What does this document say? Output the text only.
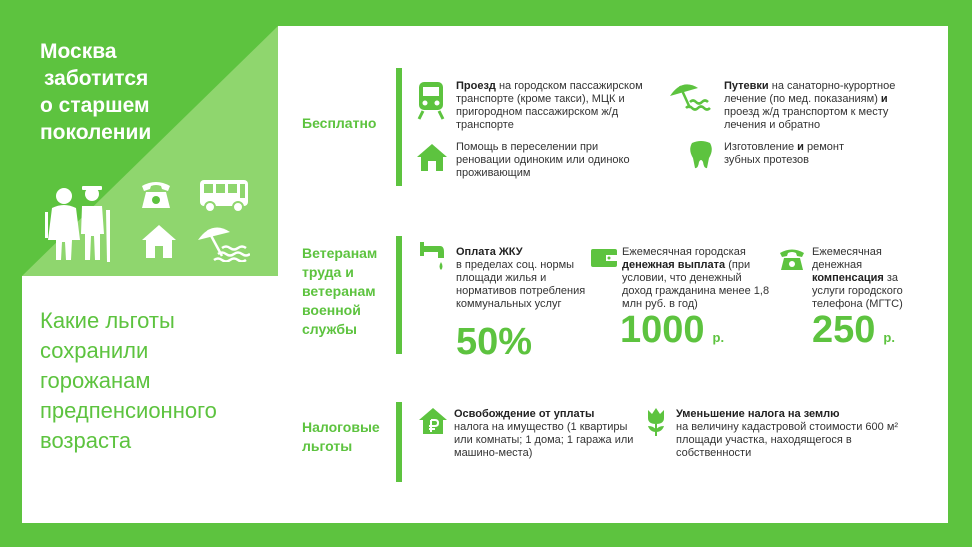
Москва
заботится
о старшем
поколении
Какие льготы
сохранили
горожанам
предпенсионного
возраста
Бесплатно
Проезд на городском пассажирском транспорте (кроме такси), МЦК и пригородном пассажирском ж/д транспорте
Путевки на санаторно-курортное лечение (по мед. показаниям) и проезд ж/д транспортом к месту лечения и обратно
Помощь в переселении при реновации одиноким или одиноко проживающим
Изготовление и ремонт зубных протезов
Ветеранам
труда и
ветеранам
военной
службы
Оплата ЖКУ
в пределах соц. нормы площади жилья и нормативов потребления коммунальных услуг
50%
Ежемесячная городская денежная выплата (при условии, что денежный доход гражданина менее 1,8 млн руб. в год)
1000 р.
Ежемесячная денежная компенсация за услуги городского телефона (МГТС)
250 р.
Налоговые
льготы
Освобождение от уплаты
налога на имущество (1 квартиры или комнаты; 1 дома; 1 гаража или машино-места)
Уменьшение налога на землю
на величину кадастровой стоимости 600 м² площади участка, находящегося в собственности
